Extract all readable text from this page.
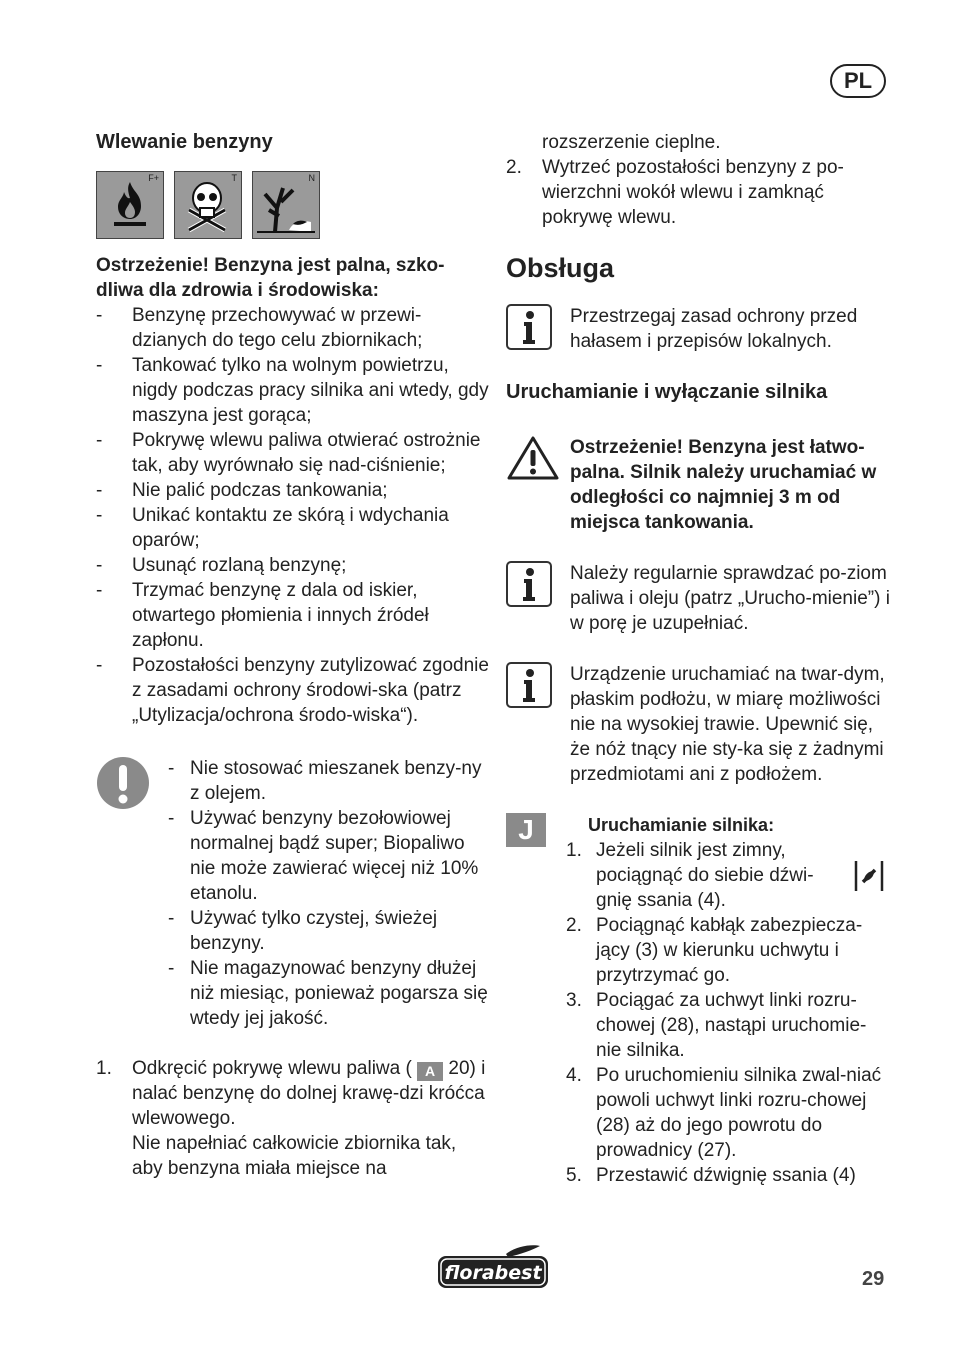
PL
Wlewanie benzyny
F+	T	N

Ostrzeżenie! Benzyna jest palna, szko-dliwa dla zdrowia i środowiska:

- Benzynę przechowywać w przewi-dzianych do tego celu zbiornikach;
- Tankować tylko na wolnym powietrzu, nigdy podczas pracy silnika ani wtedy, gdy maszyna jest gorąca;
- Pokrywę wlewu paliwa otwierać ostrożnie tak, aby wyrównało się nad-ciśnienie;
- Nie palić podczas tankowania;
- Unikać kontaktu ze skórą i wdychania oparów;
- Usunąć rozlaną benzynę;
- Trzymać benzynę z dala od iskier, otwartego płomienia i innych źródeł zapłonu.
- Pozostałości benzyny zutylizować zgodnie z zasadami ochrony środowi-ska (patrz „Utylizacja/ochrona środo-wiska“).
- Nie stosować mieszanek benzy-ny z olejem.
- Używać benzyny bezołowiowej normalnej bądź super; Biopaliwo nie może zawierać więcej niż 10% etanolu.
- Używać tylko czystej, świeżej benzyny.
- Nie magazynować benzyny dłużej niż miesiąc, ponieważ pogarsza się wtedy jej jakość.
1. Odkręcić pokrywę wlewu paliwa ( A 20) i nalać benzynę do dolnej krawę-dzi króćca wlewowego.
Nie napełniać całkowicie zbiornika tak, aby benzyna miała miejsce na
rozszerzenie cieplne.
2. Wytrzeć pozostałości benzyny z po-wierzchni wokół wlewu i zamknąć pokrywę wlewu.
Obsługa

Przestrzegaj zasad ochrony przed hałasem i przepisów lokalnych.

Uruchamianie i wyłączanie silnika

Ostrzeżenie! Benzyna jest łatwo-palna. Silnik należy uruchamiać w odległości co najmniej 3 m od miejsca tankowania.

Należy regularnie sprawdzać po-ziom paliwa i oleju (patrz „Urucho-mienie”) i w porę je uzupełniać.

Urządzenie uruchamiać na twar-dym, płaskim podłożu, w miarę możliwości nie na wysokiej trawie. Upewnić się, że nóż tnący nie sty-ka się z żadnymi przedmiotami ani z podłożem.

J	Uruchamianie silnika:

1. Jeżeli silnik jest zimny, pociągnąć do siebie dźwi-gnię ssania (4).
2. Pociągnąć kabłąk zabezpiecza-jący (3) w kierunku uchwytu i przytrzymać go.
3. Pociągać za uchwyt linki rozru-chowej (28), nastąpi uruchomie-nie silnika.
4. Po uruchomieniu silnika zwal-niać powoli uchwyt linki rozru-chowej (28) aż do jego powrotu do prowadnicy (27).
5. Przestawić dźwignię ssania (4)
florabest	29
